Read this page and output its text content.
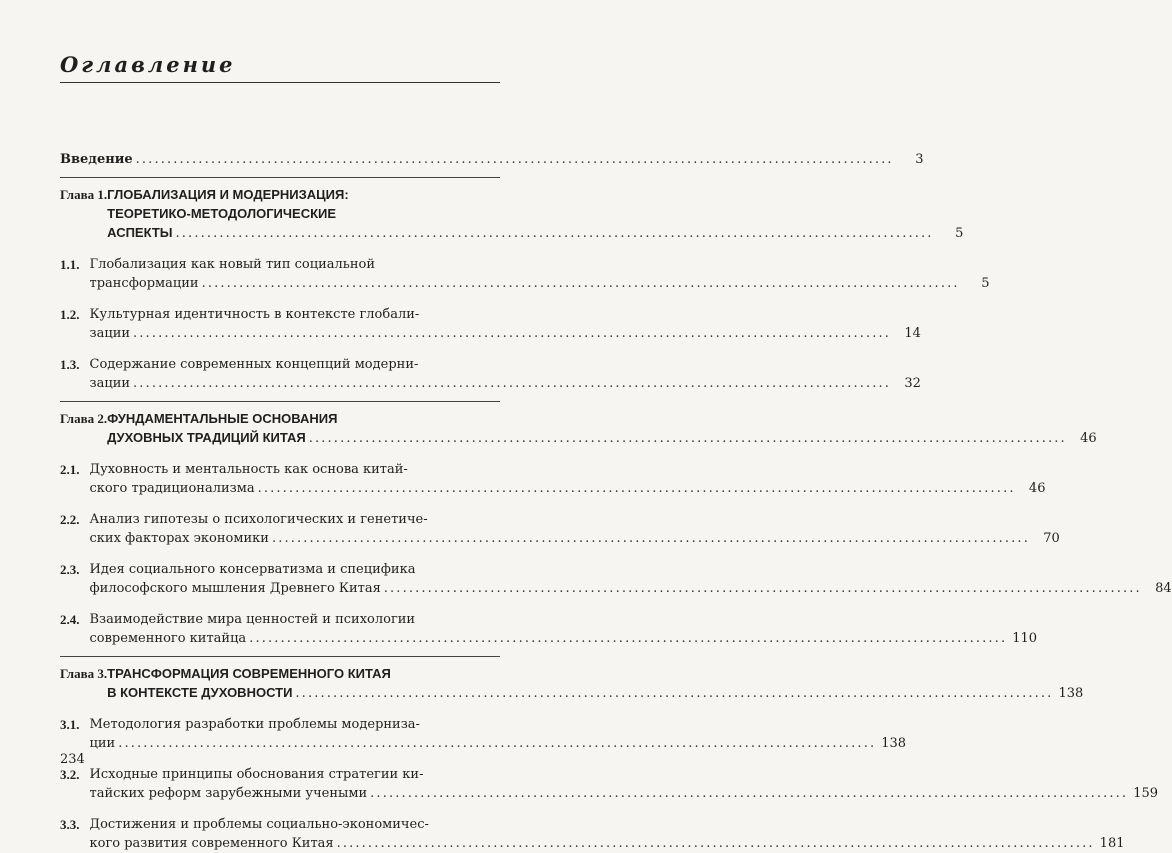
Оглавление
Введение . . .	3
Глава 1. ГЛОБАЛИЗАЦИЯ И МОДЕРНИЗАЦИЯ:
ТЕОРЕТИКО-МЕТОДОЛОГИЧЕСКИЕ
АСПЕКТЫ . . .	5
1.1. Глобализация как новый тип социальной
трансформации . . .	5
1.2. Культурная идентичность в контексте глобали-
зации . . .	14
1.3. Содержание современных концепций модерни-
зации . . .	32
Глава 2. ФУНДАМЕНТАЛЬНЫЕ ОСНОВАНИЯ
ДУХОВНЫХ ТРАДИЦИЙ КИТАЯ . . .	46
2.1. Духовность и ментальность как основа китай-
ского традиционализма . . .	46
2.2. Анализ гипотезы о психологических и генетиче-
ских факторах экономики . . .	70
2.3. Идея социального консерватизма и специфика
философского мышления Древнего Китая . . .	84
2.4. Взаимодействие мира ценностей и психологии
современного китайца . . .	110
Глава 3. ТРАНСФОРМАЦИЯ СОВРЕМЕННОГО КИТАЯ
В КОНТЕКСТЕ ДУХОВНОСТИ . . .	138
3.1. Методология разработки проблемы модерниза-
ции . . .	138
3.2. Исходные принципы обоснования стратегии ки-
тайских реформ зарубежными учеными . . .	159
3.3. Достижения и проблемы социально-экономичес-
кого развития современного Китая . . .	181
234
